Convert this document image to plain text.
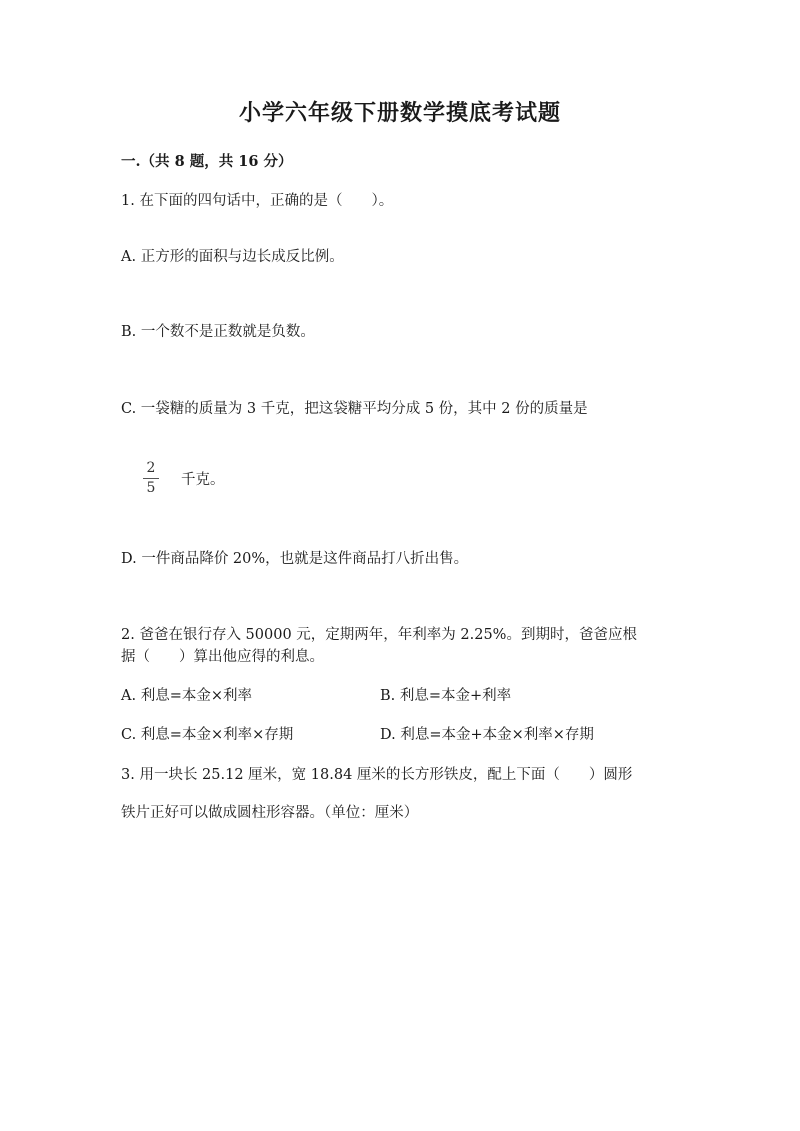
小学六年级下册数学摸底考试题
一.（共 8 题，共 16 分）
1. 在下面的四句话中，正确的是（　　）。
A. 正方形的面积与边长成反比例。
B. 一个数不是正数就是负数。
C. 一袋糖的质量为 3 千克，把这袋糖平均分成 5 份，其中 2 份的质量是
2
5 千克。
D. 一件商品降价 20%，也就是这件商品打八折出售。
2. 爸爸在银行存入 50000 元，定期两年，年利率为 2.25%。到期时，爸爸应根
据（　　）算出他应得的利息。
A. 利息=本金×利率	B. 利息=本金+利率
C. 利息=本金×利率×存期	D. 利息=本金+本金×利率×存期
3. 用一块长 25.12 厘米，宽 18.84 厘米的长方形铁皮，配上下面（　　）圆形
铁片正好可以做成圆柱形容器。（单位：厘米）
